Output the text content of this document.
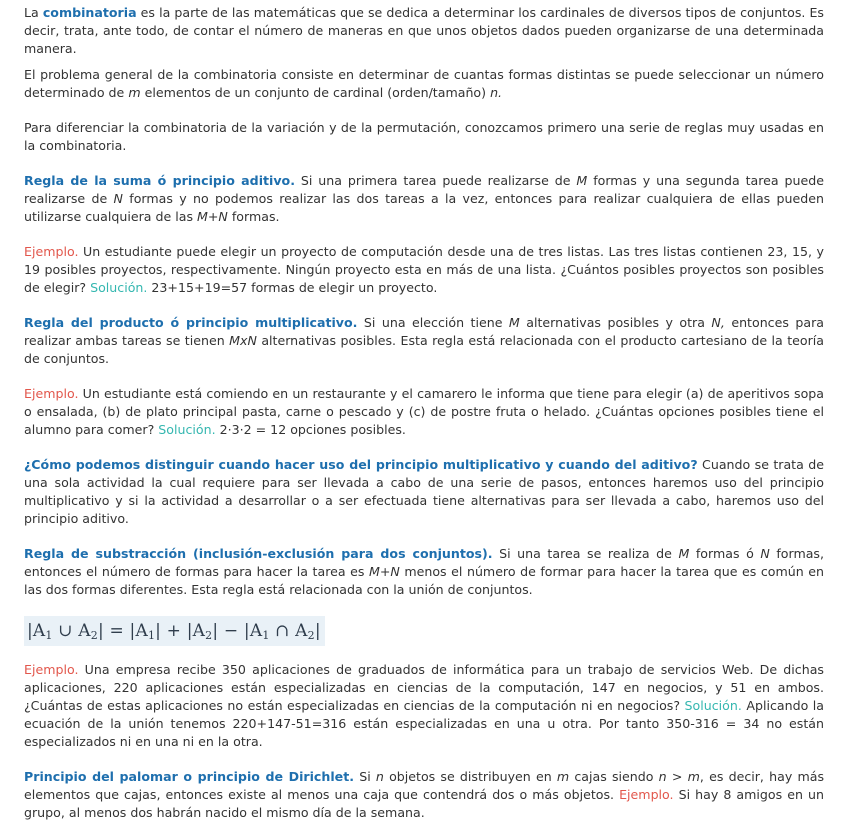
La combinatoria es la parte de las matemáticas que se dedica a determinar los cardinales de diversos tipos de conjuntos. Es decir, trata, ante todo, de contar el número de maneras en que unos objetos dados pueden organizarse de una determinada manera.

El problema general de la combinatoria consiste en determinar de cuantas formas distintas se puede seleccionar un número determinado de m elementos de un conjunto de cardinal (orden/tamaño) n.

Para diferenciar la combinatoria de la variación y de la permutación, conozcamos primero una serie de reglas muy usadas en la combinatoria.

Regla de la suma ó principio aditivo. Si una primera tarea puede realizarse de M formas y una segunda tarea puede realizarse de N formas y no podemos realizar las dos tareas a la vez, entonces para realizar cualquiera de ellas pueden utilizarse cualquiera de las M+N formas.

Ejemplo. Un estudiante puede elegir un proyecto de computación desde una de tres listas. Las tres listas contienen 23, 15, y 19 posibles proyectos, respectivamente. Ningún proyecto esta en más de una lista. ¿Cuántos posibles proyectos son posibles de elegir? Solución. 23+15+19=57 formas de elegir un proyecto.

Regla del producto ó principio multiplicativo. Si una elección tiene M alternativas posibles y otra N, entonces para realizar ambas tareas se tienen MxN alternativas posibles. Esta regla está relacionada con el producto cartesiano de la teoría de conjuntos.

Ejemplo. Un estudiante está comiendo en un restaurante y el camarero le informa que tiene para elegir (a) de aperitivos sopa o ensalada, (b) de plato principal pasta, carne o pescado y (c) de postre fruta o helado. ¿Cuántas opciones posibles tiene el alumno para comer? Solución. 2·3·2 = 12 opciones posibles.

¿Cómo podemos distinguir cuando hacer uso del principio multiplicativo y cuando del aditivo? Cuando se trata de una sola actividad la cual requiere para ser llevada a cabo de una serie de pasos, entonces haremos uso del principio multiplicativo y si la actividad a desarrollar o a ser efectuada tiene alternativas para ser llevada a cabo, haremos uso del principio aditivo.

Regla de substracción (inclusión-exclusión para dos conjuntos). Si una tarea se realiza de M formas ó N formas, entonces el número de formas para hacer la tarea es M+N menos el número de formar para hacer la tarea que es común en las dos formas diferentes. Esta regla está relacionada con la unión de conjuntos.

$|A_1$ ∪ $A_2| = |A_1| + |A_2| - |A_1$ ∩ $A_2|$

Ejemplo. Una empresa recibe 350 aplicaciones de graduados de informática para un trabajo de servicios Web. De dichas aplicaciones, 220 aplicaciones están especializadas en ciencias de la computación, 147 en negocios, y 51 en ambos. ¿Cuántas de estas aplicaciones no están especializadas en ciencias de la computación ni en negocios? Solución. Aplicando la ecuación de la unión tenemos 220+147-51=316 están especializadas en una u otra. Por tanto 350-316 = 34 no están especializados ni en una ni en la otra.

Principio del palomar o principio de Dirichlet. Si n objetos se distribuyen en m cajas siendo n > m, es decir, hay más elementos que cajas, entonces existe al menos una caja que contendrá dos o más objetos. Ejemplo. Si hay 8 amigos en un grupo, al menos dos habrán nacido el mismo día de la semana.
